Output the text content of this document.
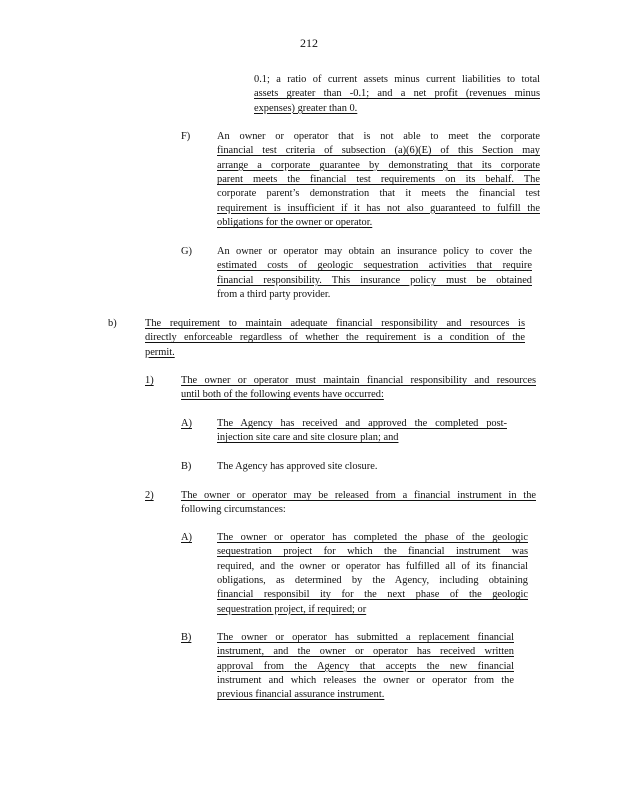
212
0.1; a ratio of current assets minus current liabilities to total
assets greater than -0.1; and a net profit (revenues minus
expenses) greater than 0.
F)	An owner or operator that is not able to meet the corporate
financial test criteria of subsection (a)(6)(E) of this Section may
arrange a corporate guarantee by demonstrating that its corporate
parent meets the financial test requirements on its behalf. The
corporate parent’s demonstration that it meets the financial test
requirement is insufficient if it has not also guaranteed to fulfill the
obligations for the owner or operator.
G) An owner or operator may obtain an insurance policy to cover the
estimated costs of geologic sequestration activities that require
financial responsibility. This insurance policy must be obtained
from a third party provider.
b)	The requirement to maintain adequate financial responsibility and resources is
directly enforceable regardless of whether the requirement is a condition of the
permit.
1)	The owner or operator must maintain financial responsibility and resources
until both of the following events have occurred:
A) The Agency has received and approved the completed post-
injection site care and site closure plan; and
B) The Agency has approved site closure.
2)	The owner or operator may be released from a financial instrument in the
following circumstances:
A) The owner or operator has completed the phase of the geologic
sequestration project for which the financial instrument was
required, and the owner or operator has fulfilled all of its financial
obligations, as determined by the Agency, including obtaining
financial responsibil ity for the next phase of the geologic
sequestration project, if required; or
B) The owner or operator has submitted a replacement financial
instrument, and the owner or operator has received written
approval from the Agency that accepts the new financial
instrument and which releases the owner or operator from the
previous financial assurance instrument.
